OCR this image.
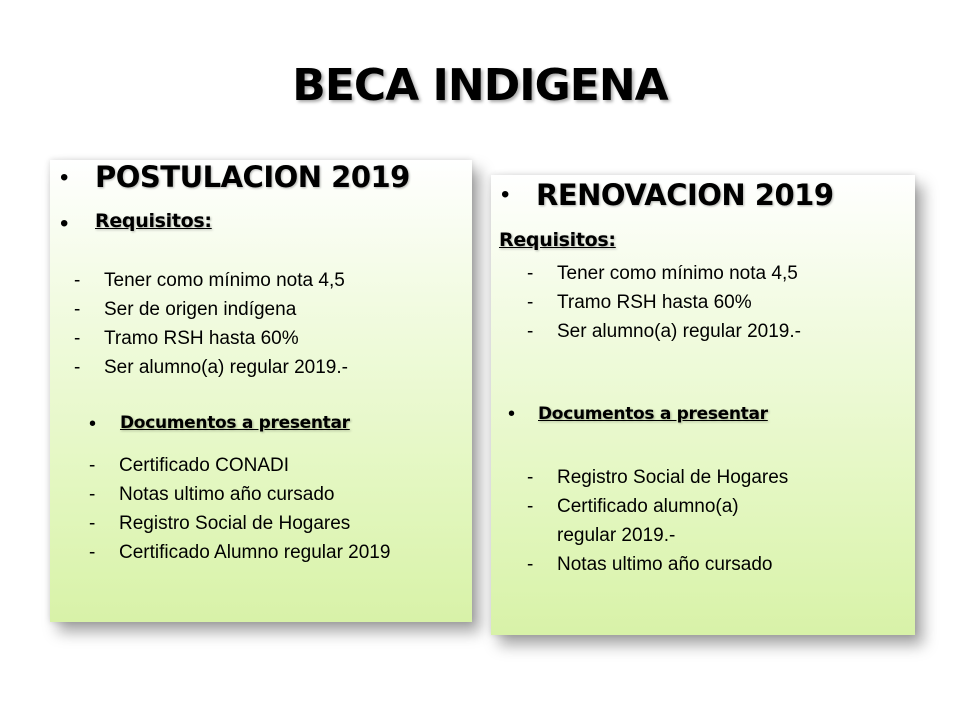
BECA INDIGENA
• POSTULACION 2019
• Requisitos:
- Tener como mínimo nota 4,5
- Ser de origen indígena
- Tramo RSH hasta 60%
- Ser alumno(a) regular 2019.-
• Documentos a presentar
- Certificado CONADI
- Notas ultimo año cursado
- Registro Social de Hogares
- Certificado Alumno regular 2019
• RENOVACION 2019
Requisitos:
- Tener como mínimo nota 4,5
- Tramo RSH hasta 60%
- Ser alumno(a) regular 2019.-
• Documentos a presentar
- Registro Social de Hogares
- Certificado alumno(a)
regular 2019.-
- Notas ultimo año cursado
